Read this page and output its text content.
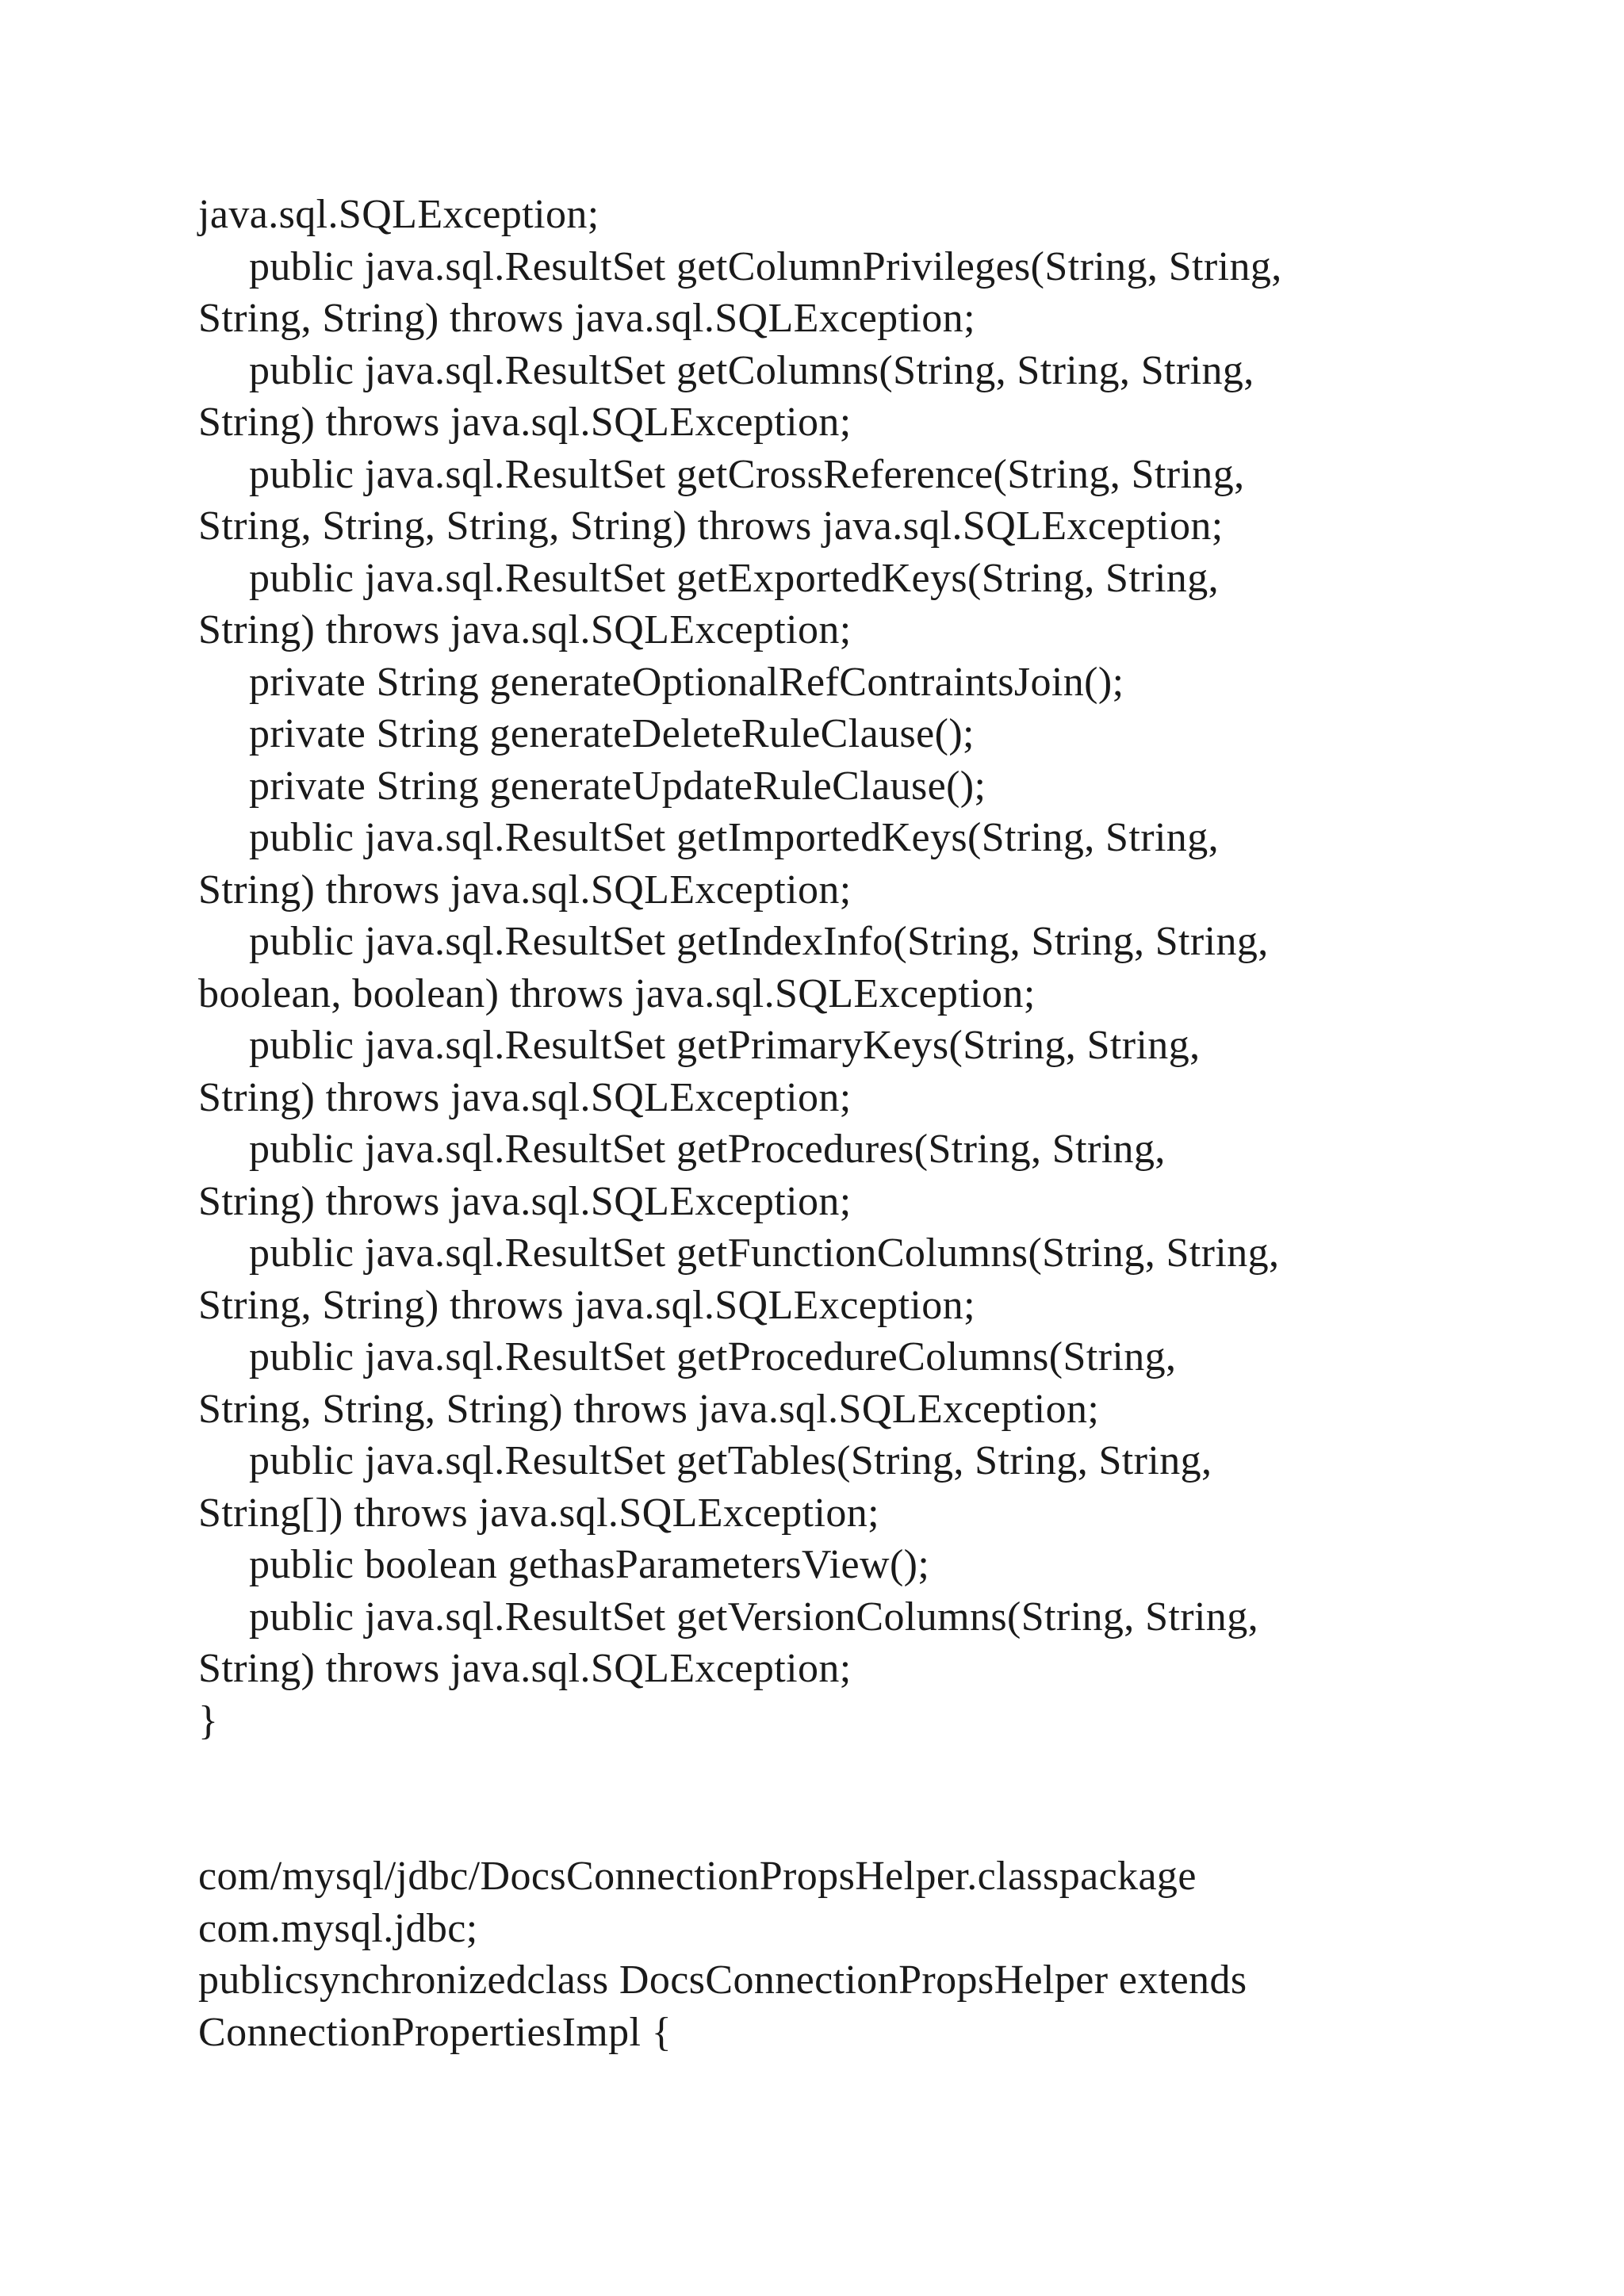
java.sql.SQLException;
public java.sql.ResultSet getColumnPrivileges(String, String,
String, String) throws java.sql.SQLException;
public java.sql.ResultSet getColumns(String, String, String,
String) throws java.sql.SQLException;
public java.sql.ResultSet getCrossReference(String, String,
String, String, String, String) throws java.sql.SQLException;
public java.sql.ResultSet getExportedKeys(String, String,
String) throws java.sql.SQLException;
private String generateOptionalRefContraintsJoin();
private String generateDeleteRuleClause();
private String generateUpdateRuleClause();
public java.sql.ResultSet getImportedKeys(String, String,
String) throws java.sql.SQLException;
public java.sql.ResultSet getIndexInfo(String, String, String,
boolean, boolean) throws java.sql.SQLException;
public java.sql.ResultSet getPrimaryKeys(String, String,
String) throws java.sql.SQLException;
public java.sql.ResultSet getProcedures(String, String,
String) throws java.sql.SQLException;
public java.sql.ResultSet getFunctionColumns(String, String,
String, String) throws java.sql.SQLException;
public java.sql.ResultSet getProcedureColumns(String,
String, String, String) throws java.sql.SQLException;
public java.sql.ResultSet getTables(String, String, String,
String[]) throws java.sql.SQLException;
public boolean gethasParametersView();
public java.sql.ResultSet getVersionColumns(String, String,
String) throws java.sql.SQLException;
}
com/mysql/jdbc/DocsConnectionPropsHelper.classpackage
com.mysql.jdbc;
publicsynchronizedclass DocsConnectionPropsHelper extends
ConnectionPropertiesImpl {
